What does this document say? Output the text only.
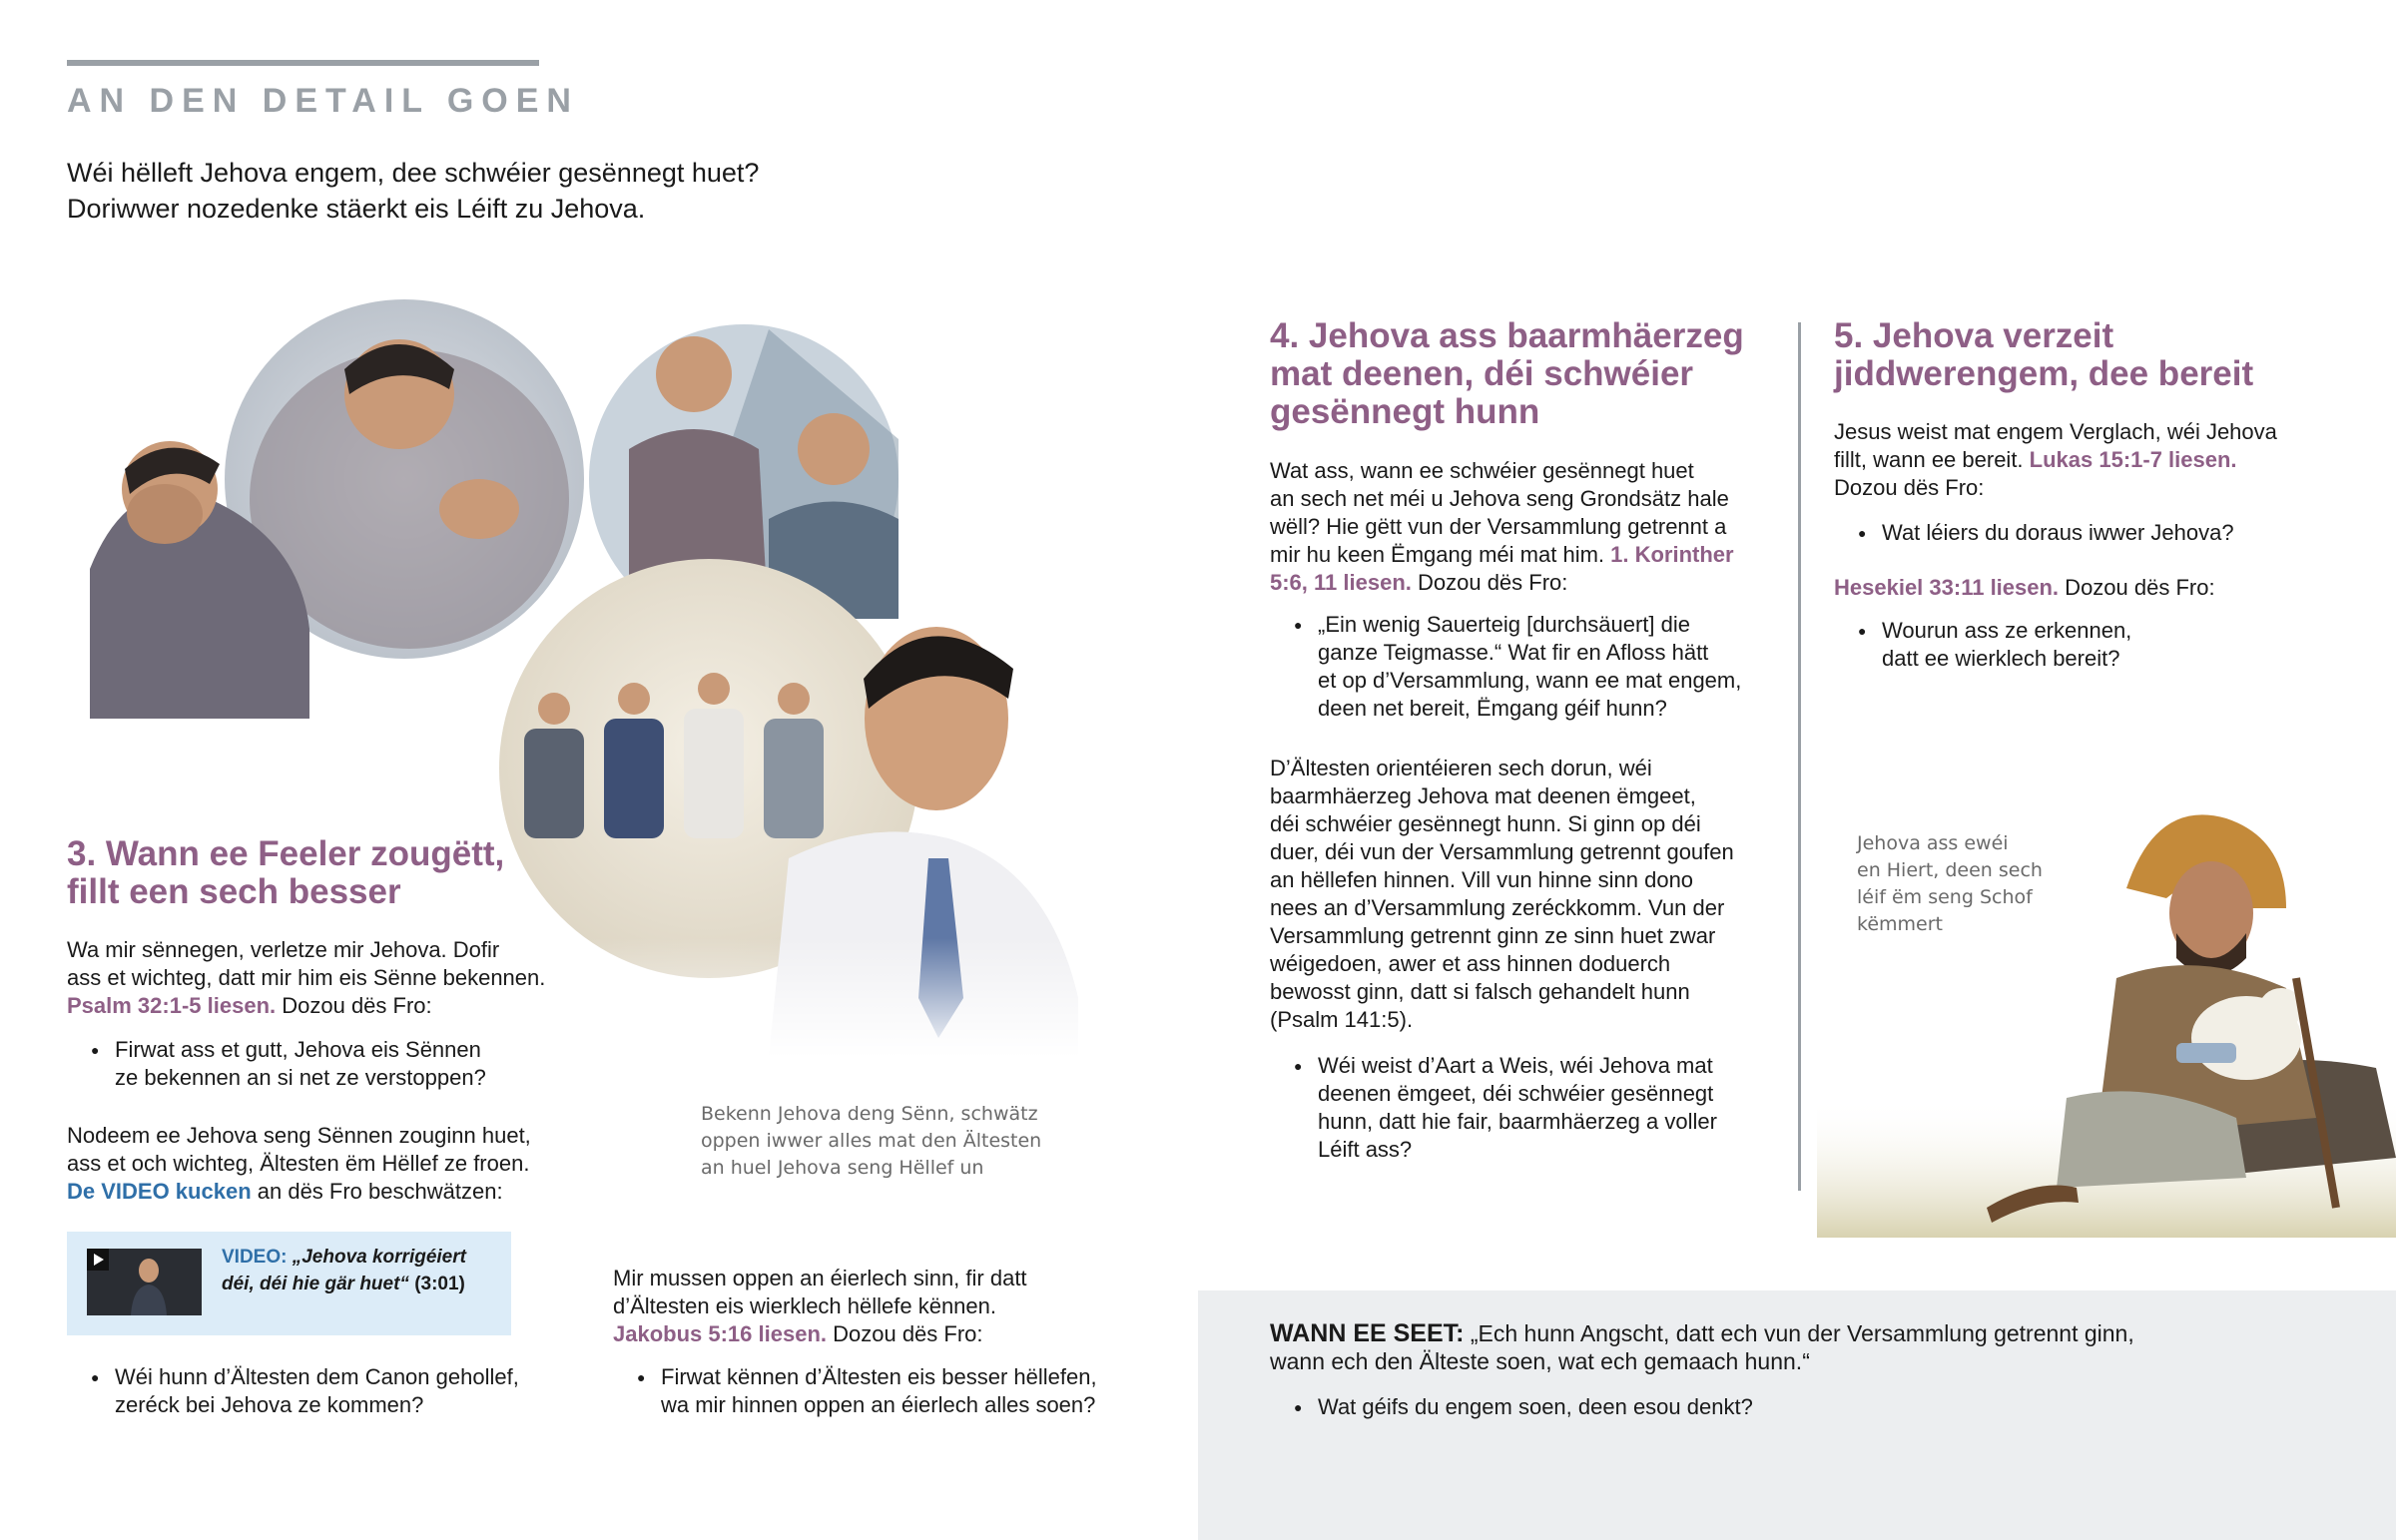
AN DEN DETAIL GOEN
Wéi hëlleft Jehova engem, dee schwéier gesënnegt huet?
Doriwwer nozedenke stäerkt eis Léift zu Jehova.
Bekenn Jehova deng Sënn, schwätz
oppen iwwer alles mat den Ältesten
an huel Jehova seng Hëllef un
3. Wann ee Feeler zougëtt,
fillt een sech besser
Wa mir sënnegen, verletze mir Jehova. Dofir
ass et wichteg, datt mir him eis Sënne bekennen.
Psalm 32:1-5 liesen. Dozou dës Fro:
● Firwat ass et gutt, Jehova eis Sënnen
ze bekennen an si net ze verstoppen?
Nodeem ee Jehova seng Sënnen zouginn huet,
ass et och wichteg, Ältesten ëm Hëllef ze froen.
De VIDEO kucken an dës Fro beschwätzen:
VIDEO: „Jehova korrigéiert
déi, déi hie gär huet“ (3:01)
● Wéi hunn d’Ältesten dem Canon gehollef,
zeréck bei Jehova ze kommen?
Mir mussen oppen an éierlech sinn, fir datt
d’Ältesten eis wierklech hëllefe kënnen.
Jakobus 5:16 liesen. Dozou dës Fro:
● Firwat kënnen d’Ältesten eis besser hëllefen,
wa mir hinnen oppen an éierlech alles soen?
4. Jehova ass baarmhäerzeg
mat deenen, déi schwéier
gesënnegt hunn
Wat ass, wann ee schwéier gesënnegt huet
an sech net méi u Jehova seng Grondsätz hale
wëll? Hie gëtt vun der Versammlung getrennt a
mir hu keen Ëmgang méi mat him. 1. Korinther
5:6, 11 liesen. Dozou dës Fro:
● „Ein wenig Sauerteig [durchsäuert] die
ganze Teigmasse.“ Wat fir en Afloss hätt
et op d’Versammlung, wann ee mat engem,
deen net bereit, Ëmgang géif hunn?
D’Ältesten orientéieren sech dorun, wéi
baarmhäerzeg Jehova mat deenen ëmgeet,
déi schwéier gesënnegt hunn. Si ginn op déi
duer, déi vun der Versammlung getrennt goufen
an hëllefen hinnen. Vill vun hinne sinn dono
nees an d’Versammlung zeréckkomm. Vun der
Versammlung getrennt ginn ze sinn huet zwar
wéigedoen, awer et ass hinnen doduerch
bewosst ginn, datt si falsch gehandelt hunn
(Psalm 141:5).
● Wéi weist d’Aart a Weis, wéi Jehova mat
deenen ëmgeet, déi schwéier gesënnegt
hunn, datt hie fair, baarmhäerzeg a voller
Léift ass?
5. Jehova verzeit
jiddwerengem, dee bereit
Jesus weist mat engem Verglach, wéi Jehova
fillt, wann ee bereit. Lukas 15:1-7 liesen.
Dozou dës Fro:
● Wat léiers du doraus iwwer Jehova?
Hesekiel 33:11 liesen. Dozou dës Fro:
● Wourun ass ze erkennen,
datt ee wierklech bereit?
Jehova ass ewéi
en Hiert, deen sech
léif ëm seng Schof
këmmert
WANN EE SEET: „Ech hunn Angscht, datt ech vun der Versammlung getrennt ginn,
wann ech den Älteste soen, wat ech gemaach hunn.“
● Wat géifs du engem soen, deen esou denkt?
